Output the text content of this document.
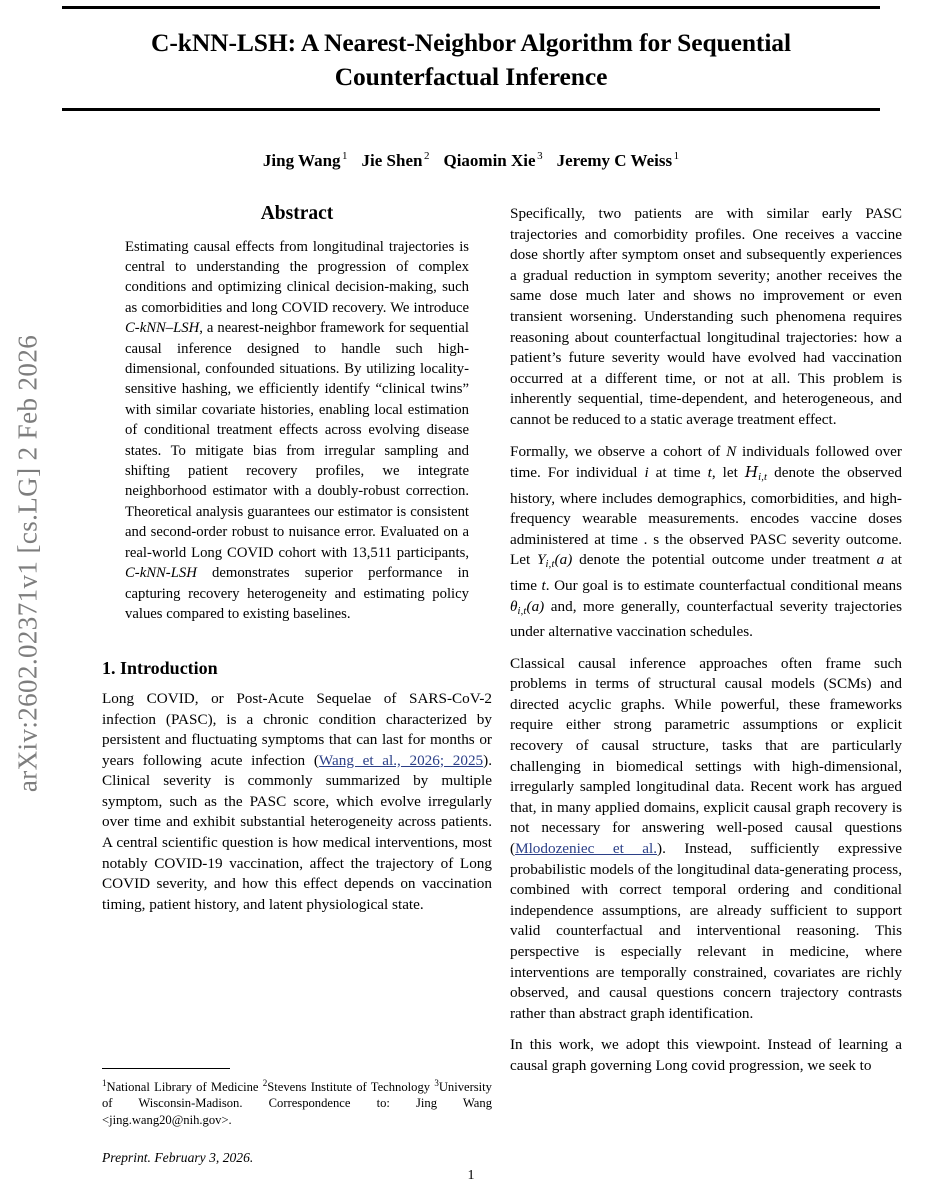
arXiv:2602.02371v1 [cs.LG] 2 Feb 2026
C-kNN-LSH: A Nearest-Neighbor Algorithm for Sequential Counterfactual Inference
Jing Wang $^1$ Jie Shen $^2$ Qiaomin Xie $^3$ Jeremy C Weiss $^1$
Abstract
Estimating causal effects from longitudinal trajectories is central to understanding the progression of complex conditions and optimizing clinical decision-making, such as comorbidities and long COVID recovery. We introduce C-kNN–LSH, a nearest-neighbor framework for sequential causal inference designed to handle such high-dimensional, confounded situations. By utilizing locality-sensitive hashing, we efficiently identify “clinical twins” with similar covariate histories, enabling local estimation of conditional treatment effects across evolving disease states. To mitigate bias from irregular sampling and shifting patient recovery profiles, we integrate neighborhood estimator with a doubly-robust correction. Theoretical analysis guarantees our estimator is consistent and second-order robust to nuisance error. Evaluated on a real-world Long COVID cohort with 13,511 participants, C-kNN-LSH demonstrates superior performance in capturing recovery heterogeneity and estimating policy values compared to existing baselines.
1. Introduction

Long COVID, or Post-Acute Sequelae of SARS-CoV-2 infection (PASC), is a chronic condition characterized by persistent and fluctuating symptoms that can last for months or years following acute infection (Wang et al., 2026; 2025). Clinical severity is commonly summarized by multiple symptom, such as the PASC score, which evolve irregularly over time and exhibit substantial heterogeneity across patients. A central scientific question is how medical interventions, most notably COVID-19 vaccination, affect the trajectory of Long COVID severity, and how this effect depends on vaccination timing, patient history, and latent physiological state.

Specifically, two patients are with similar early PASC trajectories and comorbidity profiles. One receives a vaccine dose shortly after symptom onset and subsequently experiences a gradual reduction in symptom severity; another receives the same dose much later and shows no improvement or even transient worsening. Understanding such phenomena requires reasoning about counterfactual longitudinal trajectories: how a patient’s future severity would have evolved had vaccination occurred at a different time, or not at all. This problem is inherently sequential, time-dependent, and heterogeneous, and cannot be reduced to a static average treatment effect.

Formally, we observe a cohort of N individuals followed over time. For individual i at time t, let Hi,t denote the observed history, where includes demographics, comorbidities, and high-frequency wearable measurements. encodes vaccine doses administered at time . s the observed PASC severity outcome. Let Yi,t(a) denote the potential outcome under treatment a at time t. Our goal is to estimate counterfactual conditional means θi,t(a) and, more generally, counterfactual severity trajectories under alternative vaccination schedules.

Classical causal inference approaches often frame such problems in terms of structural causal models (SCMs) and directed acyclic graphs. While powerful, these frameworks require either strong parametric assumptions or explicit recovery of causal structure, tasks that are particularly challenging in biomedical settings with high-dimensional, irregularly sampled longitudinal data. Recent work has argued that, in many applied domains, explicit causal graph recovery is not necessary for answering well-posed causal questions (Mlodozeniec et al.). Instead, sufficiently expressive probabilistic models of the longitudinal data-generating process, combined with correct temporal ordering and conditional independence assumptions, are already sufficient to support valid counterfactual and interventional reasoning. This perspective is especially relevant in medicine, where interventions are temporally constrained, covariates are richly observed, and causal questions concern trajectory contrasts rather than abstract graph identification.

In this work, we adopt this viewpoint. Instead of learning a causal graph governing Long covid progression, we seek to

$^1$National Library of Medicine $^2$Stevens Institute of Technology $^3$University of Wisconsin-Madison. Correspondence to: Jing Wang <jing.wang20@nih.gov>.
Preprint. February 3, 2026.
1
